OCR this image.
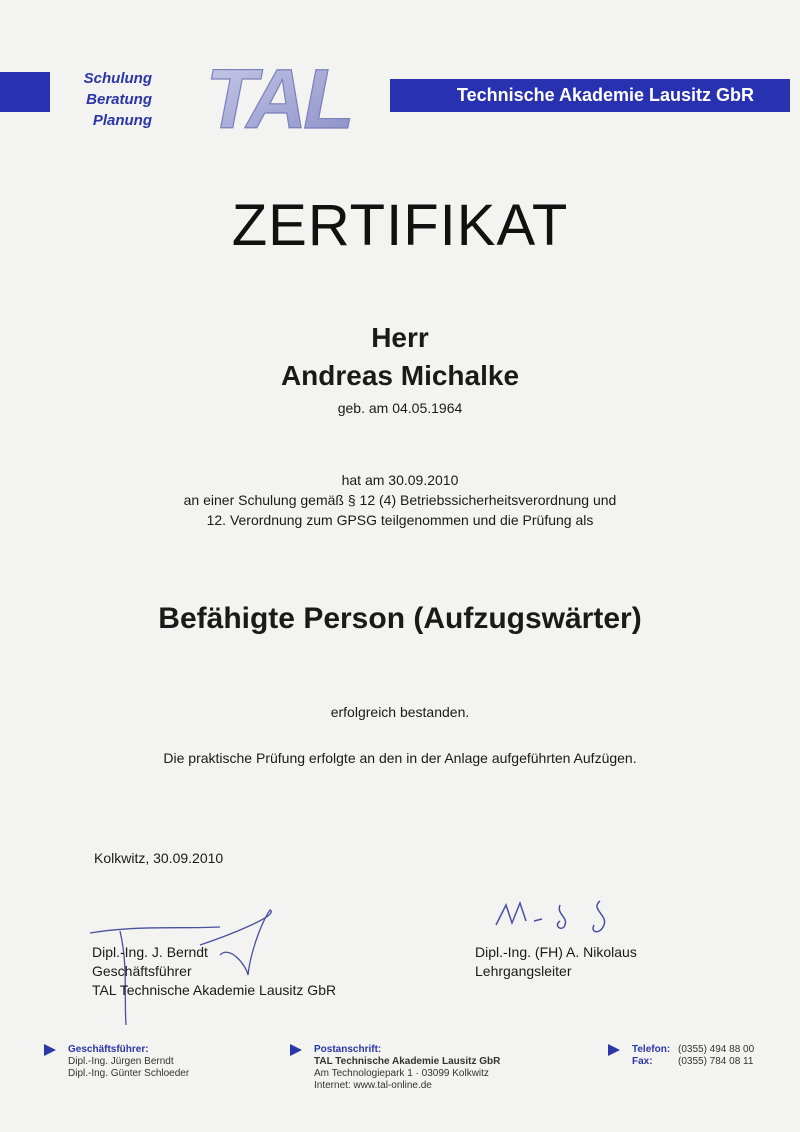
Schulung
Beratung
Planung TAL	Technische Akademie Lausitz GbR
ZERTIFIKAT
Herr
Andreas Michalke
geb. am 04.05.1964
hat am 30.09.2010
an einer Schulung gemäß § 12 (4) Betriebssicherheitsverordnung und
12. Verordnung zum GPSG teilgenommen und die Prüfung als
Befähigte Person (Aufzugswärter)
erfolgreich bestanden.
Die praktische Prüfung erfolgte an den in der Anlage aufgeführten Aufzügen.
Kolkwitz, 30.09.2010
Dipl.-Ing. J. Berndt
Geschäftsführer
TAL Technische Akademie Lausitz GbR
Dipl.-Ing. (FH) A. Nikolaus
Lehrgangsleiter
Geschäftsführer:
Dipl.-Ing. Jürgen Berndt
Dipl.-Ing. Günter Schloeder
Postanschrift:
TAL Technische Akademie Lausitz GbR
Am Technologiepark 1 · 03099 Kolkwitz
Internet: www.tal-online.de
Telefon: (0355) 494 88 00
Fax:	(0355) 784 08 11
